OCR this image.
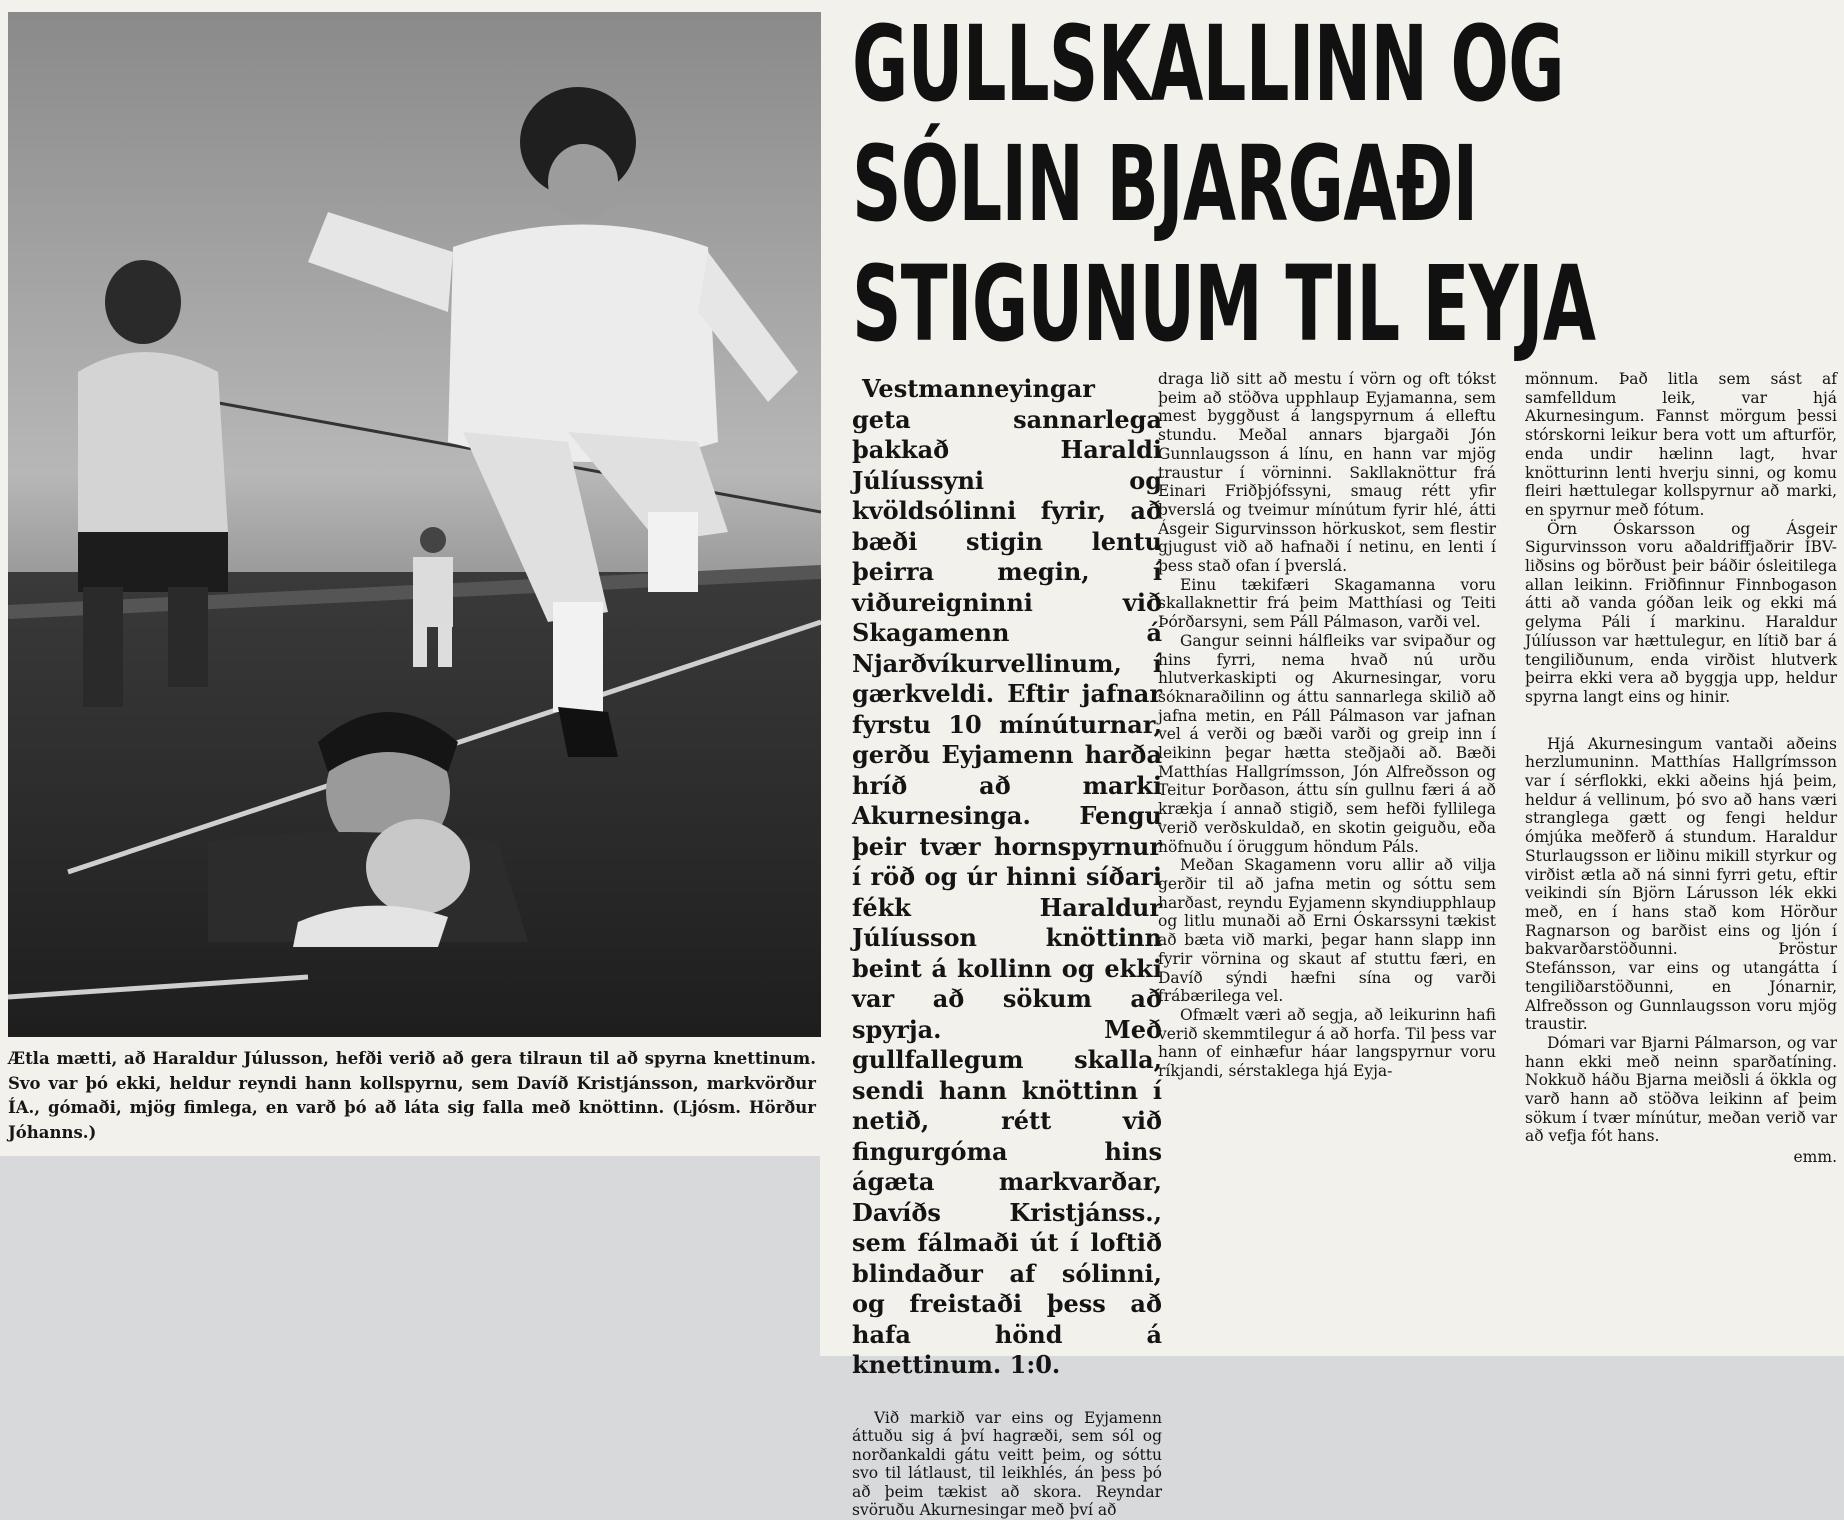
Ætla mætti, að Haraldur Júlusson, hefði verið að gera tilraun til að spyrna knettinum. Svo var þó ekki, heldur reyndi hann kollspyrnu, sem Davíð Kristjánsson, markvörður ÍA., gómaði, mjög fimlega, en varð þó að láta sig falla með knöttinn. (Ljósm. Hörður Jóhanns.)
GULLSKALLINN OG
SÓLIN BJARGAÐI
STIGUNUM TIL EYJA

Vestmanneyingar
geta sannarlega þakkað Haraldi Júlíussyni og kvöldsólinni fyrir, að bæði stigin lentu þeirra megin, í viðureigninni við Skagamenn á Njarðvíkurvellinum, í gærkveldi. Eftir jafnar fyrstu 10 mínúturnar, gerðu Eyjamenn harða hríð að marki Akurnesinga. Fengu þeir tvær hornspyrnur í röð og úr hinni síðari fékk Haraldur Júlíusson knöttinn beint á kollinn og ekki var að sökum að spyrja. Með gullfallegum skalla, sendi hann knöttinn í netið, rétt við fingurgóma hins ágæta markvarðar, Davíðs Kristjánss., sem fálmaði út í loftið blindaður af sólinni, og freistaði þess að hafa hönd á knettinum. 1:0.

Við markið var eins og Eyjamenn áttuðu sig á því hagræði, sem sól og norðankaldi gátu veitt þeim, og sóttu svo til látlaust, til leikhlés, án þess þó að þeim tækist að skora. Reyndar svöruðu Akurnesingar með því að

draga lið sitt að mestu í vörn og oft tókst þeim að stöðva upphlaup Eyjamanna, sem mest byggðust á langspyrnum á elleftu stundu. Meðal annars bjargaði Jón Gunnlaugsson á línu, en hann var mjög traustur í vörninni. Sakllaknöttur frá Einari Friðþjófssyni, smaug rétt yfir þverslá og tveimur mínútum fyrir hlé, átti Ásgeir Sigurvinsson hörkuskot, sem flestir gjugust við að hafnaði í netinu, en lenti í þess stað ofan í þverslá.

Einu tækifæri Skagamanna voru skallaknettir frá þeim Matthíasi og Teiti Þórðarsyni, sem Páll Pálmason, varði vel.

Gangur seinni hálfleiks var svipaður og hins fyrri, nema hvað nú urðu hlutverkaskipti og Akurnesingar, voru sóknaraðilinn og áttu sannarlega skilið að jafna metin, en Páll Pálmason var jafnan vel á verði og bæði varði og greip inn í leikinn þegar hætta steðjaði að. Bæði Matthías Hallgrímsson, Jón Alfreðsson og Teitur Þorðason, áttu sín gullnu færi á að krækja í annað stigið, sem hefði fyllilega verið verðskuldað, en skotin geiguðu, eða höfnuðu í öruggum höndum Páls.

Meðan Skagamenn voru allir að vilja gerðir til að jafna metin og sóttu sem harðast, reyndu Eyjamenn skyndiupphlaup og litlu munaði að Erni Óskarssyni tækist að bæta við marki, þegar hann slapp inn fyrir vörnina og skaut af stuttu færi, en Davíð sýndi hæfni sína og varði frábærilega vel.

Ofmælt væri að segja, að leikurinn hafi verið skemmtilegur á að horfa. Til þess var hann of einhæfur háar langspyrnur voru ríkjandi, sérstaklega hjá Eyja-

mönnum. Það litla sem sást af samfelldum leik, var hjá Akurnesingum. Fannst mörgum þessi stórskorni leikur bera vott um afturför, enda undir hælinn lagt, hvar knötturinn lenti hverju sinni, og komu fleiri hættulegar kollspyrnur að marki, en spyrnur með fótum.

Örn Óskarsson og Ásgeir Sigurvinsson voru aðaldriffjaðrir ÍBV-liðsins og börðust þeir báðir ósleitilega allan leikinn. Friðfinnur Finnbogason átti að vanda góðan leik og ekki má gelyma Páli í markinu. Haraldur Júlíusson var hættulegur, en lítið bar á tengiliðunum, enda virðist hlutverk þeirra ekki vera að byggja upp, heldur spyrna langt eins og hinir.

Hjá Akurnesingum vantaði aðeins herzlumuninn. Matthías Hallgrímsson var í sérflokki, ekki aðeins hjá þeim, heldur á vellinum, þó svo að hans væri stranglega gætt og fengi heldur ómjúka meðferð á stundum. Haraldur Sturlaugsson er liðinu mikill styrkur og virðist ætla að ná sinni fyrri getu, eftir veikindi sín Björn Lárusson lék ekki með, en í hans stað kom Hörður Ragnarson og barðist eins og ljón í bakvarðarstöðunni. Þröstur Stefánsson, var eins og utangátta í tengiliðarstöðunni, en Jónarnir, Alfreðsson og Gunnlaugsson voru mjög traustir.

Dómari var Bjarni Pálmarson, og var hann ekki með neinn sparðatíning. Nokkuð háðu Bjarna meiðsli á ökkla og varð hann að stöðva leikinn af þeim sökum í tvær mínútur, meðan verið var að vefja fót hans.

emm.
